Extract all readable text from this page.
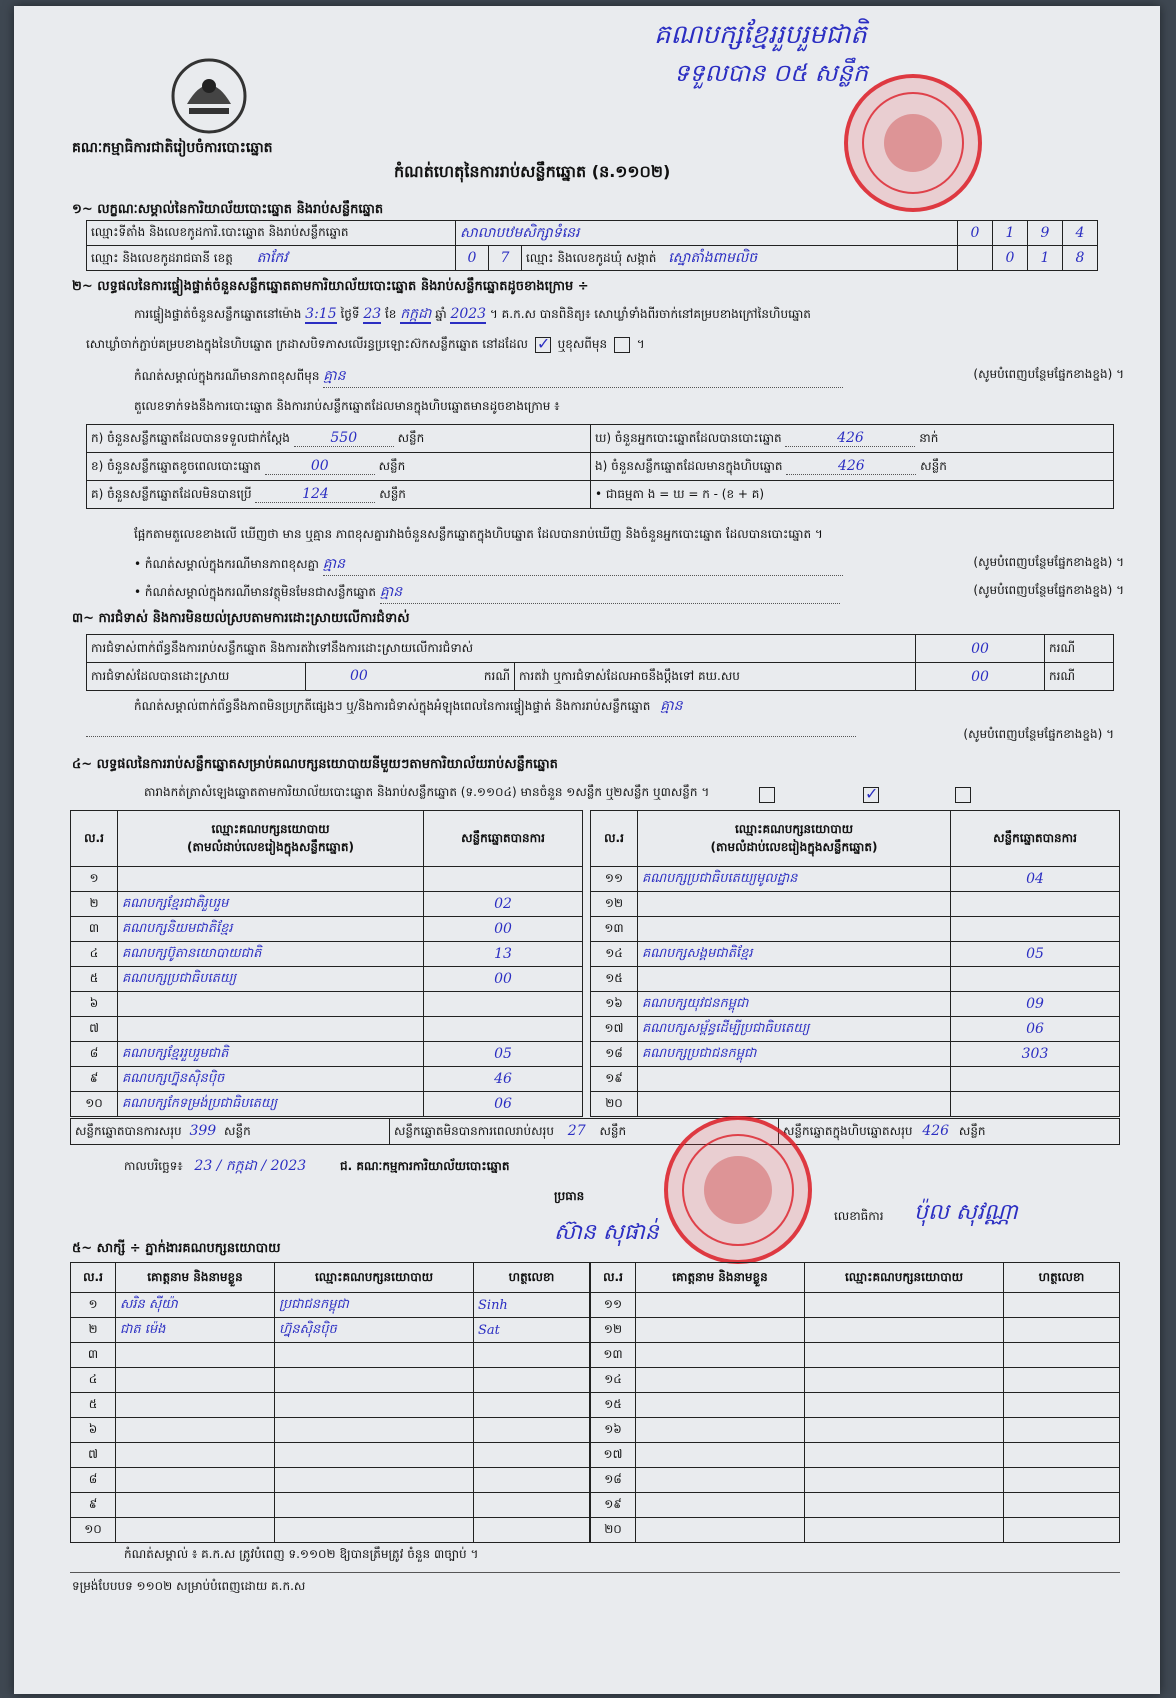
គណៈកម្មាធិការជាតិរៀបចំការបោះឆ្នោត
កំណត់ហេតុនៃការរាប់សន្លឹកឆ្នោត (ន.១១០២)
គណបក្សខ្មែររួបរួមជាតិ
ទទួលបាន ០៥ សន្លឹក
១~ លក្ខណៈសម្គាល់នៃការិយាល័យបោះឆ្នោត និងរាប់សន្លឹកឆ្នោត
ឈ្មោះទីតាំង និងលេខកូដការិ.បោះឆ្នោត និងរាប់សន្លឹកឆ្នោត	សាលាបឋមសិក្សាទំនេរ			0	1	9	4
ឈ្មោះ និងលេខកូដរាជធានី ខេត្ត តាកែវ	0	7	ឈ្មោះ និងលេខកូដឃុំ សង្កាត់ ស្នោតាំងពាមលិច		0	1	8
២~ លទ្ធផលនៃការផ្ទៀងផ្ទាត់ចំនួនសន្លឹកឆ្នោតតាមការិយាល័យបោះឆ្នោត និងរាប់សន្លឹកឆ្នោតដូចខាងក្រោម ÷
ការផ្ទៀងផ្ទាត់ចំនួនសន្លឹកឆ្នោតនៅម៉ោង 3:15 ថ្ងៃទី 23 ខែ កក្កដា ឆ្នាំ 2023 ។ គ.ក.ស បានពិនិត្យ៖ សោឃ្លាំទាំងពីរចាក់នៅគម្របខាងក្រៅនៃហិបឆ្នោត
សោឃ្លាំចាក់ភ្ជាប់គម្របខាងក្នុងនៃហិបឆ្នោត ក្រដាសបិទភាសលើរន្ធប្រឡោះស៊កសន្លឹកឆ្នោត នៅដដែល ✓ ឬខុសពីមុន  ។
កំណត់សម្គាល់ក្នុងករណីមានភាពខុសពីមុន គ្មាន	(សូមបំពេញបន្ថែមផ្នែកខាងខ្នង) ។
តួលេខទាក់ទងនឹងការបោះឆ្នោត និងការរាប់សន្លឹកឆ្នោតដែលមានក្នុងហិបឆ្នោតមានដូចខាងក្រោម ៖
ក) ចំនួនសន្លឹកឆ្នោតដែលបានទទួលជាក់ស្តែង 550 សន្លឹក	ឃ) ចំនួនអ្នកបោះឆ្នោតដែលបានបោះឆ្នោត 426 នាក់
ខ) ចំនួនសន្លឹកឆ្នោតខូចពេលបោះឆ្នោត 00 សន្លឹក	ង) ចំនួនសន្លឹកឆ្នោតដែលមានក្នុងហិបឆ្នោត 426 សន្លឹក
គ) ចំនួនសន្លឹកឆ្នោតដែលមិនបានប្រើ 124 សន្លឹក	• ជាធម្មតា ង = ឃ = ក - (ខ + គ)
ផ្អែកតាមតួលេខខាងលើ ឃើញថា មាន ឬគ្មាន ភាពខុសគ្នារវាងចំនួនសន្លឹកឆ្នោតក្នុងហិបឆ្នោត ដែលបានរាប់ឃើញ និងចំនួនអ្នកបោះឆ្នោត ដែលបានបោះឆ្នោត ។
• កំណត់សម្គាល់ក្នុងករណីមានភាពខុសគ្នា គ្មាន	(សូមបំពេញបន្ថែមផ្នែកខាងខ្នង) ។
• កំណត់សម្គាល់ក្នុងករណីមានវត្ថុមិនមែនជាសន្លឹកឆ្នោត គ្មាន	(សូមបំពេញបន្ថែមផ្នែកខាងខ្នង) ។
៣~ ការជំទាស់ និងការមិនយល់ស្របតាមការដោះស្រាយលើការជំទាស់
ការជំទាស់ពាក់ព័ន្ធនឹងការរាប់សន្លឹកឆ្នោត និងការតវ៉ាទៅនឹងការដោះស្រាយលើការជំទាស់			00	ករណី
ការជំទាស់ដែលបានដោះស្រាយ	00 ករណី	ការតវ៉ា ឬការជំទាស់ដែលអាចនឹងប្តឹងទៅ គឃ.សប	00	ករណី
កំណត់សម្គាល់ពាក់ព័ន្ធនឹងភាពមិនប្រក្រតីផ្សេងៗ ឬ/និងការជំទាស់ក្នុងអំឡុងពេលនៃការផ្ទៀងផ្ទាត់ និងការរាប់សន្លឹកឆ្នោត គ្មាន
(សូមបំពេញបន្ថែមផ្នែកខាងខ្នង) ។
៤~ លទ្ធផលនៃការរាប់សន្លឹកឆ្នោតសម្រាប់គណបក្សនយោបាយនីមួយៗតាមការិយាល័យរាប់សន្លឹកឆ្នោត
តារាងកត់ត្រាសំឡេងឆ្នោតតាមការិយាល័យបោះឆ្នោត និងរាប់សន្លឹកឆ្នោត (ទ.១១០៤) មានចំនួន ១សន្លឹក ឬ២សន្លឹក ឬ៣សន្លឹក ។
✓
ល.រ	ឈ្មោះគណបក្សនយោបាយ
(តាមលំដាប់លេខរៀងក្នុងសន្លឹកឆ្នោត)	សន្លឹកឆ្នោតបានការ
១		
២	គណបក្សខ្មែរជាតិរួបរួម	02
៣	គណបក្សនិយមជាតិខ្មែរ	00
៤	គណបក្សប៊ូតានយោបាយជាតិ	13
៥	គណបក្សប្រជាធិបតេយ្យ	00
៦		
៧		
៨	គណបក្សខ្មែររួបរួមជាតិ	05
៩	គណបក្សហ្វ៊ុនស៊ិនប៉ិច	46
១០	គណបក្សកែទម្រង់ប្រជាធិបតេយ្យ	06
ល.រ	ឈ្មោះគណបក្សនយោបាយ
(តាមលំដាប់លេខរៀងក្នុងសន្លឹកឆ្នោត)	សន្លឹកឆ្នោតបានការ
១១	គណបក្សប្រជាធិបតេយ្យមូលដ្ឋាន	04
១២		
១៣		
១៤	គណបក្សសង្គមជាតិខ្មែរ	05
១៥		
១៦	គណបក្សយុវជនកម្ពុជា	09
១៧	គណបក្សសម្ព័ន្ធដើម្បីប្រជាធិបតេយ្យ	06
១៨	គណបក្សប្រជាជនកម្ពុជា	303
១៩		
២០		
សន្លឹកឆ្នោតបានការសរុប 399 សន្លឹក	សន្លឹកឆ្នោតមិនបានការពេលរាប់សរុប 27 សន្លឹក	សន្លឹកឆ្នោតក្នុងហិបឆ្នោតសរុប 426 សន្លឹក
កាលបរិច្ឆេទ៖ 23 / កក្កដា / 2023	ជ. គណៈកម្មការការិយាល័យបោះឆ្នោត
ប្រធាន
ស៊ាន សុផាន់
លេខាធិការ ប៉ុល សុវណ្ណា
៥~ សាក្សី ÷ ភ្នាក់ងារគណបក្សនយោបាយ
ល.រ	គោត្តនាម និងនាមខ្លួន	ឈ្មោះគណបក្សនយោបាយ	ហត្ថលេខា
១	សរិន ស៊ីយ៉ា	ប្រជាជនកម្ពុជា	Sinh
២	ជាត ម៉េង	ហ្វ៊ុនស៊ិនប៉ិច	Sat
៣			
៤			
៥			
៦			
៧			
៨			
៩			
១០			
ល.រ	គោត្តនាម និងនាមខ្លួន	ឈ្មោះគណបក្សនយោបាយ	ហត្ថលេខា
១១			
១២			
១៣			
១៤			
១៥			
១៦			
១៧			
១៨			
១៩			
២០			
កំណត់សម្គាល់ ៖ គ.ក.ស ត្រូវបំពេញ ទ.១១០២ ឱ្យបានត្រឹមត្រូវ ចំនួន ៣ច្បាប់ ។
ទម្រង់បែបបទ ១១០២ សម្រាប់បំពេញដោយ គ.ក.ស
